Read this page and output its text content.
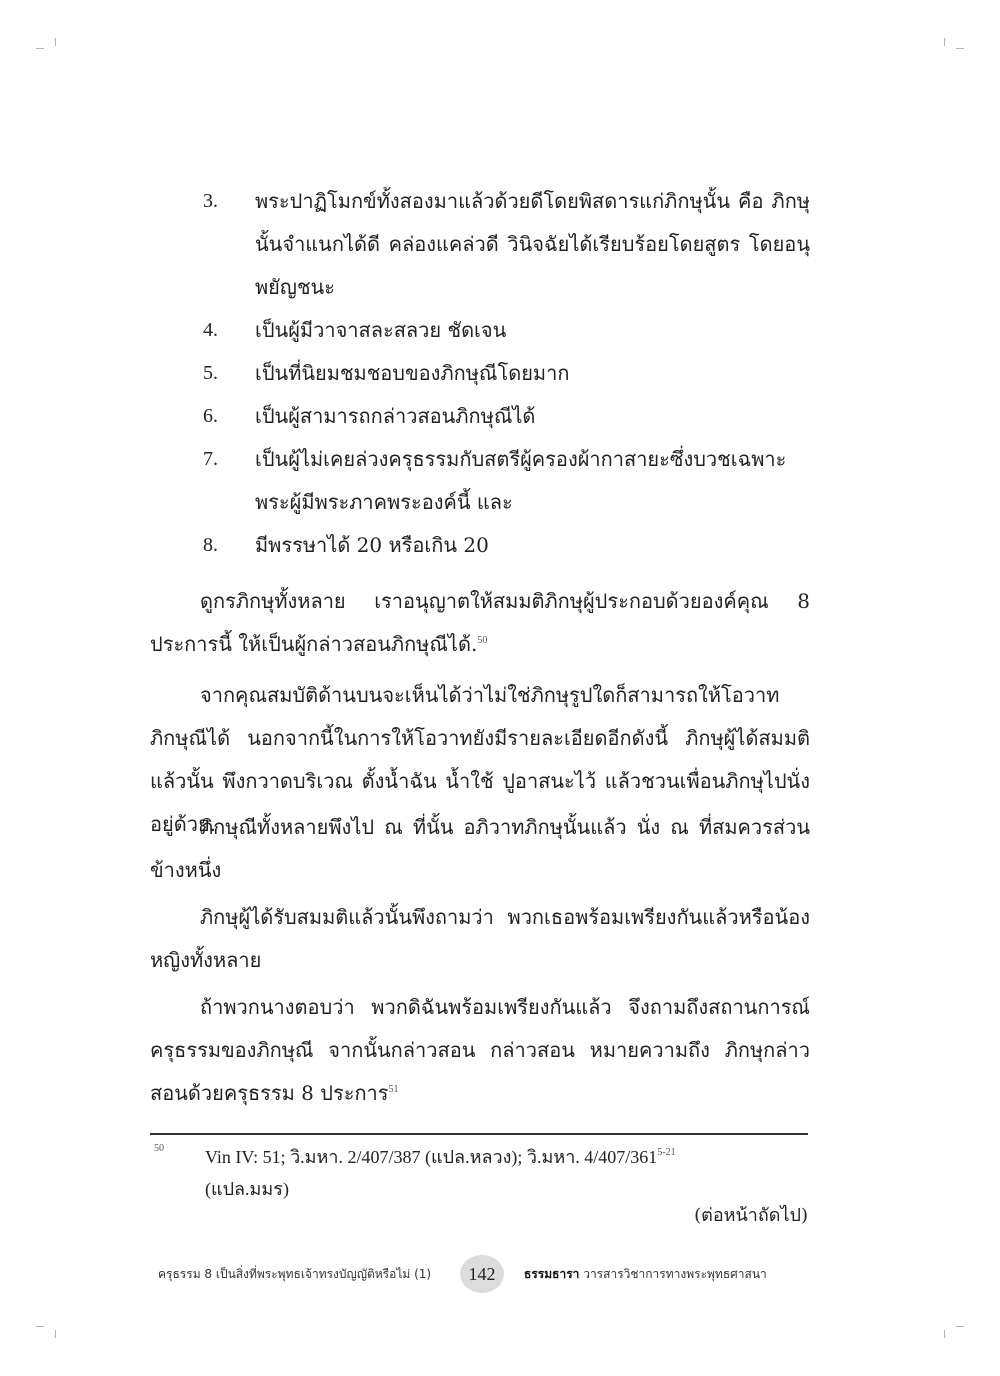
3. พระปาฏิโมกข์ทั้งสองมาแล้วด้วยดีโดยพิสดารแก่ภิกษุนั้น คือ ภิกษุนั้นจำแนกได้ดี คล่องแคล่วดี วินิจฉัยได้เรียบร้อยโดยสูตร โดยอนุพยัญชนะ
4. เป็นผู้มีวาจาสละสลวย ชัดเจน
5. เป็นที่นิยมชมชอบของภิกษุณีโดยมาก
6. เป็นผู้สามารถกล่าวสอนภิกษุณีได้
7. เป็นผู้ไม่เคยล่วงครุธรรมกับสตรีผู้ครองผ้ากาสายะซึ่งบวชเฉพาะพระผู้มีพระภาคพระองค์นี้ และ
8. มีพรรษาได้ 20 หรือเกิน 20

ดูกรภิกษุทั้งหลาย เราอนุญาตให้สมมติภิกษุผู้ประกอบด้วยองค์คุณ 8 ประการนี้ ให้เป็นผู้กล่าวสอนภิกษุณีได้.$^{50}$

จากคุณสมบัติด้านบนจะเห็นได้ว่าไม่ใช่ภิกษุรูปใดก็สามารถให้โอวาทภิกษุณีได้ นอกจากนี้ในการให้โอวาทยังมีรายละเอียดอีกดังนี้ ภิกษุผู้ได้สมมติแล้วนั้น พึงกวาดบริเวณ ตั้งน้ำฉัน น้ำใช้ ปูอาสนะไว้ แล้วชวนเพื่อนภิกษุไปนั่งอยู่ด้วย.

ภิกษุณีทั้งหลายพึงไป ณ ที่นั้น อภิวาทภิกษุนั้นแล้ว นั่ง ณ ที่สมควรส่วนข้างหนึ่ง

ภิกษุผู้ได้รับสมมติแล้วนั้นพึงถามว่า พวกเธอพร้อมเพรียงกันแล้วหรือน้องหญิงทั้งหลาย

ถ้าพวกนางตอบว่า พวกดิฉันพร้อมเพรียงกันแล้ว จึงถามถึงสถานการณ์ครุธรรมของภิกษุณี จากนั้นกล่าวสอน กล่าวสอน หมายความถึง ภิกษุกล่าวสอนด้วยครุธรรม 8 ประการ$^{51}$

50	Vin IV: 51; วิ.มหา. 2/407/387 (แปล.หลวง); วิ.มหา. 4/407/361$^{5-21}$
(แปล.มมร)
(ต่อหน้าถัดไป)
ครุธรรม 8 เป็นสิ่งที่พระพุทธเจ้าทรงบัญญัติหรือไม่ (1)	142	ธรรมธารา วารสารวิชาการทางพระพุทธศาสนา
